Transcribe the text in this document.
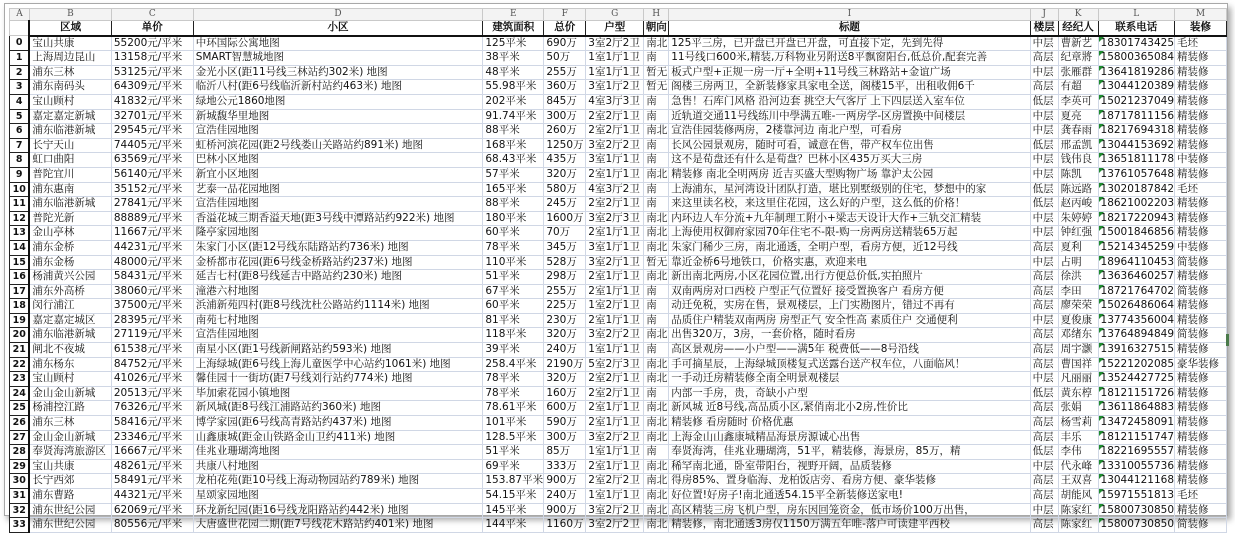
A	B	C	D	E	F	G	H	I	J	K	L	M
	区域	单价	小区	建筑面积	总价	户型	朝向	标题	楼层	经纪人	联系电话	装修
0	宝山共康	55200元/平米	中环国际公寓地图	125平米	690万	3室2厅2卫	南北	125平三房，已开盘已开盘已开盘，可直接下定，先到先得	中层	曹新艺	18301743425	毛坯
1	上海周边昆山	13158元/平米	SMART智慧城地图	38平米	50万	1室1厅1卫	南	11号线口600米,精装,万科物业另附送8平飘窗阳台,低总价,配套完善	高层	纪章將	15800365084	精装修
2	浦东三林	53125元/平米	金光小区(距11号线三林站约302米) 地图	48平米	255万	1室1厅1卫	暂无	板式户型+正规一房一厅+全明+11号线三林路站+金谊广场	中层	张雁群	13641819286	精装修
3	浦东南码头	64309元/平米	临沂八村(距6号线临沂新村站约463米) 地图	55.98平米	360万	3室1厅2卫	暂无	阁楼三房两卫，全新装修家具家电全送，阁楼15平，出租收佣6千	高层	有超	13044120389	精装修
4	宝山顾村	41832元/平米	绿地公元1860地图	202平米	845万	4室3厅3卫	南	急售！石库门风格 沿河边套 挑空大气客厅 上下四层送入室车位	低层	李英可	15021237049	精装修
5	嘉定嘉定新城	32701元/平米	新城馥华里地图	91.74平米	300万	2室2厅1卫	南	近轨道交通11号线练川中學满五唯-一两房学-区房置换中间楼层	中层	夏亮	18717811156	精装修
6	浦东临港新城	29545元/平米	宣浩佳园地图	88平米	260万	2室2厅1卫	南北	宣浩佳园装修两房，2楼靠河边 南北户型，可看房	中层	龚春雨	18217694318	精装修
7	长宁天山	74405元/平米	虹桥河滨花园(距2号线娄山关路站约891米) 地图	168平米	1250万	3室2厅2卫	南	长风公园景观房，随时可看，诚意在售，带产权车位出售	低层	邢孟凯	13044153692	精装修
8	虹口曲阳	63569元/平米	巴林小区地图	68.43平米	435万	3室1厅1卫	南	这不是荀盘还有什么是荀盘？巴林小区435万买大三房	中层	钱伟良	13651811178	中装修
9	普陀宜川	56140元/平米	新宜小区地图	57平米	320万	2室1厅1卫	南北	精装修 南北全明两房 近吉买盛大型购物广场 靠沪太公园	中层	陈凯	13761057648	精装修
10	浦东惠南	35152元/平米	艺泰一品花园地图	165平米	580万	4室3厅2卫	南	上海浦东，星河湾设计团队打造，堪比别墅级别的住宅，梦想中的家	低层	陈远路	13020187842	毛坯
11	浦东临港新城	27841元/平米	宣浩佳园地图	88平米	245万	2室2厅1卫	南	来这里读名校，来这里住花园，这么好的户型，这么低的价格！	低层	赵丙峻	18621002203	精装修
12	普陀光新	88889元/平米	香溢花城三期香溢天地(距3号线中潭路站约922米) 地图	180平米	1600万	3室2厅3卫	南北	内环边人车分流+九年制理工附小+梁志天设计大作+三轨交汇精装	中层	朱婷婷	18217220943	精装修
13	金山亭林	11667元/平米	隆亭家园地图	60平米	70万	2室1厅1卫	南北	上海使用权御府家园70年住宅不-限-购一房两房送精装65万起	中层	钟红强	15001846856	精装修
14	浦东金桥	44231元/平米	朱家门小区(距12号线东陆路站约736米) 地图	78平米	345万	3室1厅1卫	南北	朱家门稀少三房，南北通透，全明户型，看房方便，近12号线	高层	夏利	15214345259	中装修
15	浦东金杨	48000元/平米	金桥都市花园(距6号线金桥路站约237米) 地图	110平米	528万	3室2厅1卫	暂无	靠近金桥6号地铁口，价格实惠，欢迎来电	中层	占明	18964110453	简装修
16	杨浦黄兴公园	58431元/平米	延吉七村(距8号线延吉中路站约230米) 地图	51平米	298万	2室1厅1卫	南北	新出南北两房,小区花园位置,出行方便总价低,实拍照片	高层	徐洪	13636460257	精装修
17	浦东外高桥	38060元/平米	潼港六村地图	67平米	255万	2室1厅1卫	南	双南两房对口西校 户型正气位置好 接受置换客户 看房方便	高层	李田	18721764702	简装修
18	闵行浦江	37500元/平米	浜浦新苑四村(距8号线沈杜公路站约1114米) 地图	60平米	225万	1室2厅1卫	南	动迁免税，实房在售，景观楼层，上门实勘图片，错过不再有	高层	廖荣荣	15026486064	精装修
19	嘉定嘉定城区	28395元/平米	南苑七村地图	81平米	230万	2室1厅1卫	南	品质住户精装双南两房 房型正气 安全性高 素质住户 交通便利	中层	夏俊康	13774356004	精装修
20	浦东临港新城	27119元/平米	宣浩佳园地图	118平米	320万	3室2厅2卫	南北	出售320万，3房，一套价格，随时看房	高层	邓绪东	13764894849	简装修
21	闸北不夜城	61538元/平米	南星小区(距1号线新闸路站约593米) 地图	39平米	240万	1室1厅1卫	南	高区景观房——小户型——满5年 税费低——8号沿线	高层	周宇灏	13916327515	精装修
22	浦东杨东	84752元/平米	上海绿城(距6号线上海儿童医学中心站约1061米) 地图	258.4平米	2190万	5室2厅3卫	南北	手可摘星辰，上海绿城顶楼复式送露台送产权车位，八面临风！	高层	曹国祥	15221202085	豪华装修
23	宝山顾村	41026元/平米	馨佳园十一街坊(距7号线刘行站约774米) 地图	78平米	320万	2室2厅1卫	南北	一手动迁房精装修全南全明景观楼层	中层	凡丽丽	13524427725	精装修
24	金山金山新城	20513元/平米	毕加索花园小镇地图	78平米	160万	2室2厅1卫	南	内部一手房，贵，奇缺小户型	低层	黄东椁	18121151726	精装修
25	杨浦控江路	76326元/平米	新风城(距8号线江浦路站约360米) 地图	78.61平米	600万	2室1厅1卫	南北	新风城 近8号线,高品质小区,紧俏南北小2房,性价比	高层	张娟	13611864883	精装修
26	浦东三林	58416元/平米	博学家园(距6号线高青路站约437米) 地图	101平米	590万	2室1厅1卫	南北	精装修 看房随时 价格优惠	高层	杨雪莉	13472458091	精装修
27	金山金山新城	23346元/平米	山鑫康城(距金山铁路金山卫约411米) 地图	128.5平米	300万	3室2厅2卫	南北	上海金山山鑫康城精品海景房源诚心出售	高层	丰乐	18121151747	精装修
28	奉贤海湾旅游区	16667元/平米	佳兆业珊瑚湾地图	51平米	85万	1室1厅1卫	南	奉贤海湾，佳兆业珊瑚湾，51平，精装修，海景房，85万，精	低层	李伟	18221695557	精装修
29	宝山共康	48261元/平米	共康八村地图	69平米	333万	2室1厅1卫	南北	稀罕南北通，卧室带阳台，视野开阔，品质装修	中层	代永峰	13310055736	精装修
30	长宁西郊	58491元/平米	龙柏花苑(距10号线上海动物园站约789米) 地图	153.87平米	900万	2室2厅2卫	南北	得房85%、置身临海、龙柏饭店旁、看房方便、豪华装修	高层	王双喜	13044121168	精装修
31	浦东曹路	44321元/平米	星颂家园地图	54.15平米	240万	1室1厅1卫	南北	好位置!好房子!南北通透54.15平全新装修送家电!	高层	胡能风	15971551813	毛坯
32	浦东世纪公园	62069元/平米	环龙新纪园(距16号线龙阳路站约442米) 地图	145平米	900万	3室2厅2卫	南北	高区精装三房飞机户型，房东因回笼资金，低市场价100万出售，	中层	陈家红	15800730850	精装修
33	浦东世纪公园	80556元/平米	大唐盛世花园二期(距7号线花木路站约401米) 地图	144平米	1160万	3室2厅2卫	南北	精装修，南北通透3房仅1150万满五年唯-落户可读建平西校	高层	陈家红	15800730850	简装修
